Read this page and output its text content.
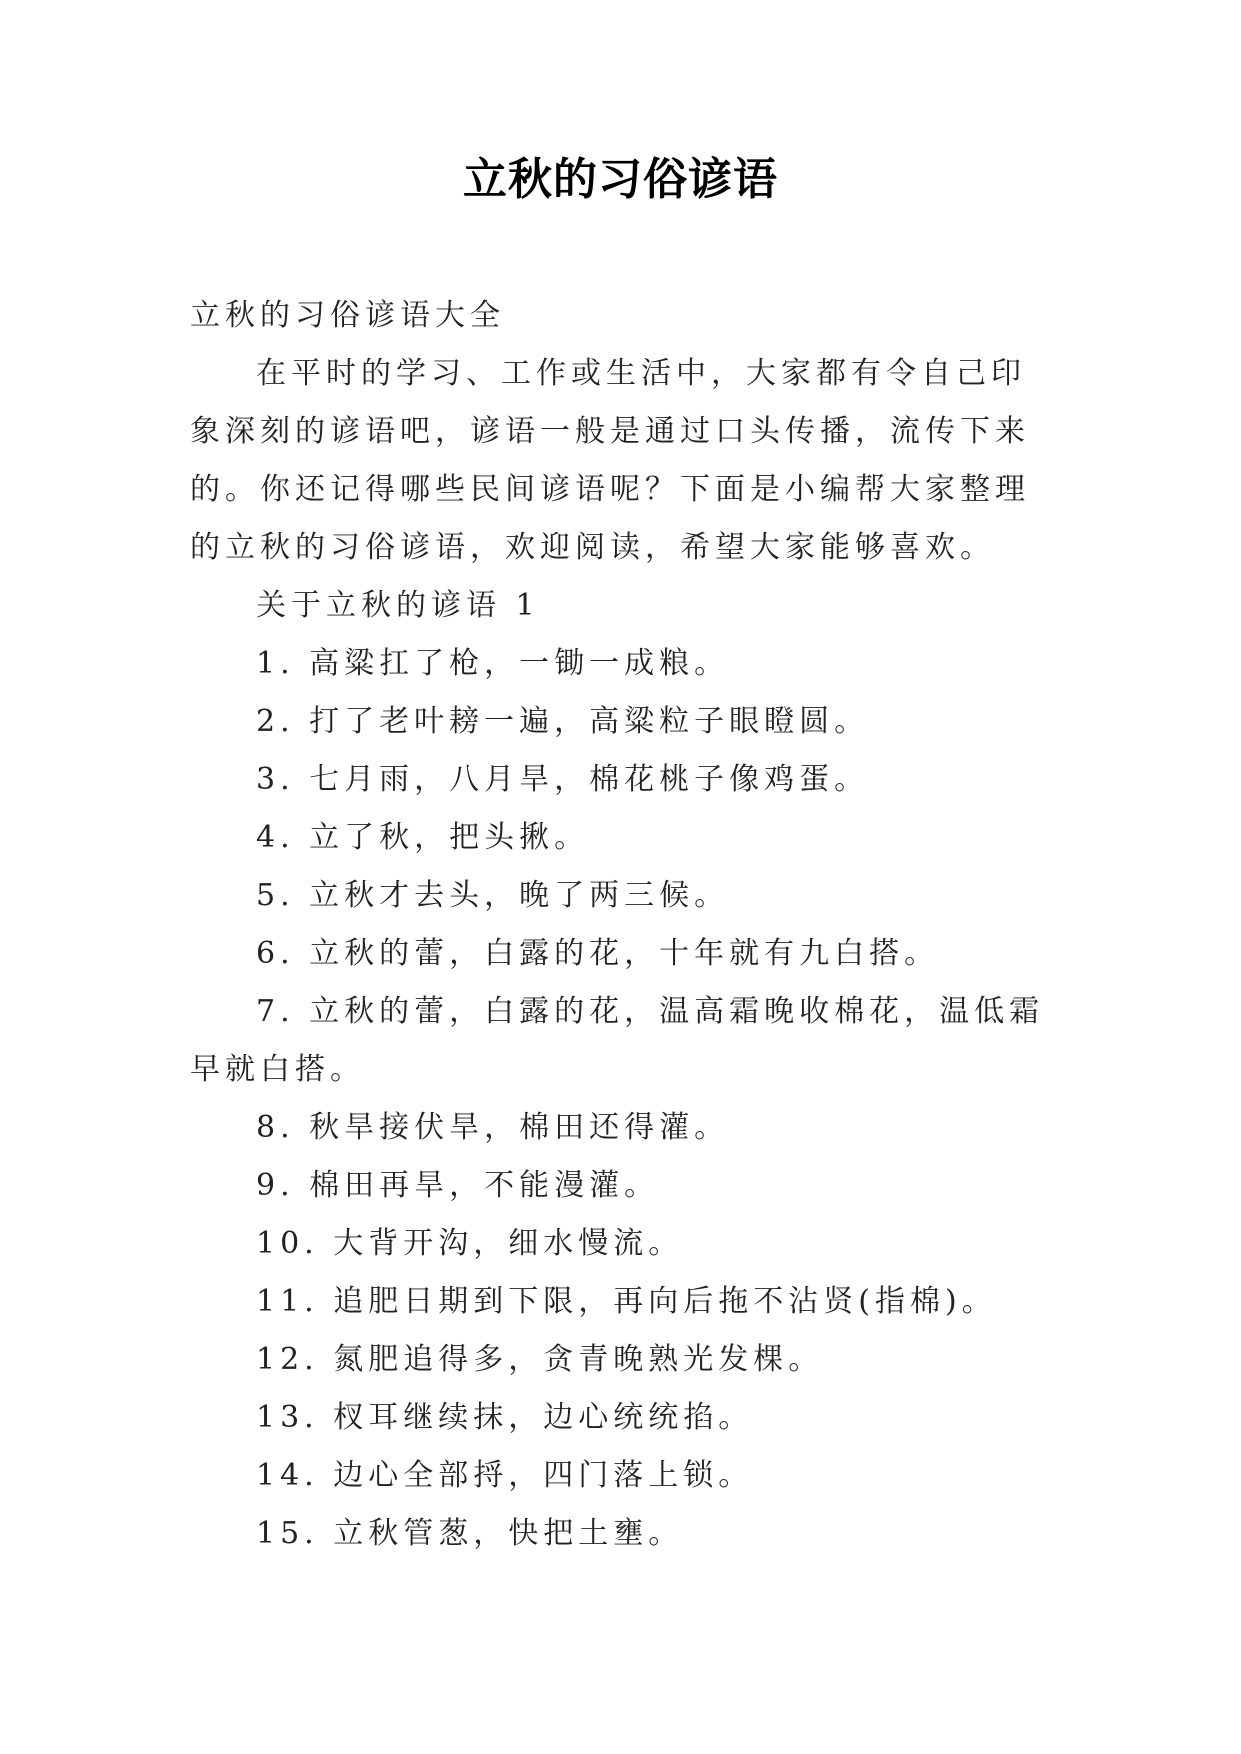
立秋的习俗谚语
立秋的习俗谚语大全
在平时的学习、工作或生活中，大家都有令自己印象深刻的谚语吧，谚语一般是通过口头传播，流传下来的。你还记得哪些民间谚语呢？下面是小编帮大家整理的立秋的习俗谚语，欢迎阅读，希望大家能够喜欢。

关于立秋的谚语 1

1. 高粱扛了枪，一锄一成粮。

2. 打了老叶耪一遍，高粱粒子眼瞪圆。

3. 七月雨，八月旱，棉花桃子像鸡蛋。

4. 立了秋，把头揪。

5. 立秋才去头，晚了两三候。

6. 立秋的蕾，白露的花，十年就有九白搭。

7. 立秋的蕾，白露的花，温高霜晚收棉花，温低霜早就白搭。

8. 秋旱接伏旱，棉田还得灌。

9. 棉田再旱，不能漫灌。

10. 大背开沟，细水慢流。

11. 追肥日期到下限，再向后拖不沾贤(指棉)。

12. 氮肥追得多，贪青晚熟光发棵。

13. 杈耳继续抹，边心统统掐。

14. 边心全部捋，四门落上锁。

15. 立秋管葱，快把土壅。
